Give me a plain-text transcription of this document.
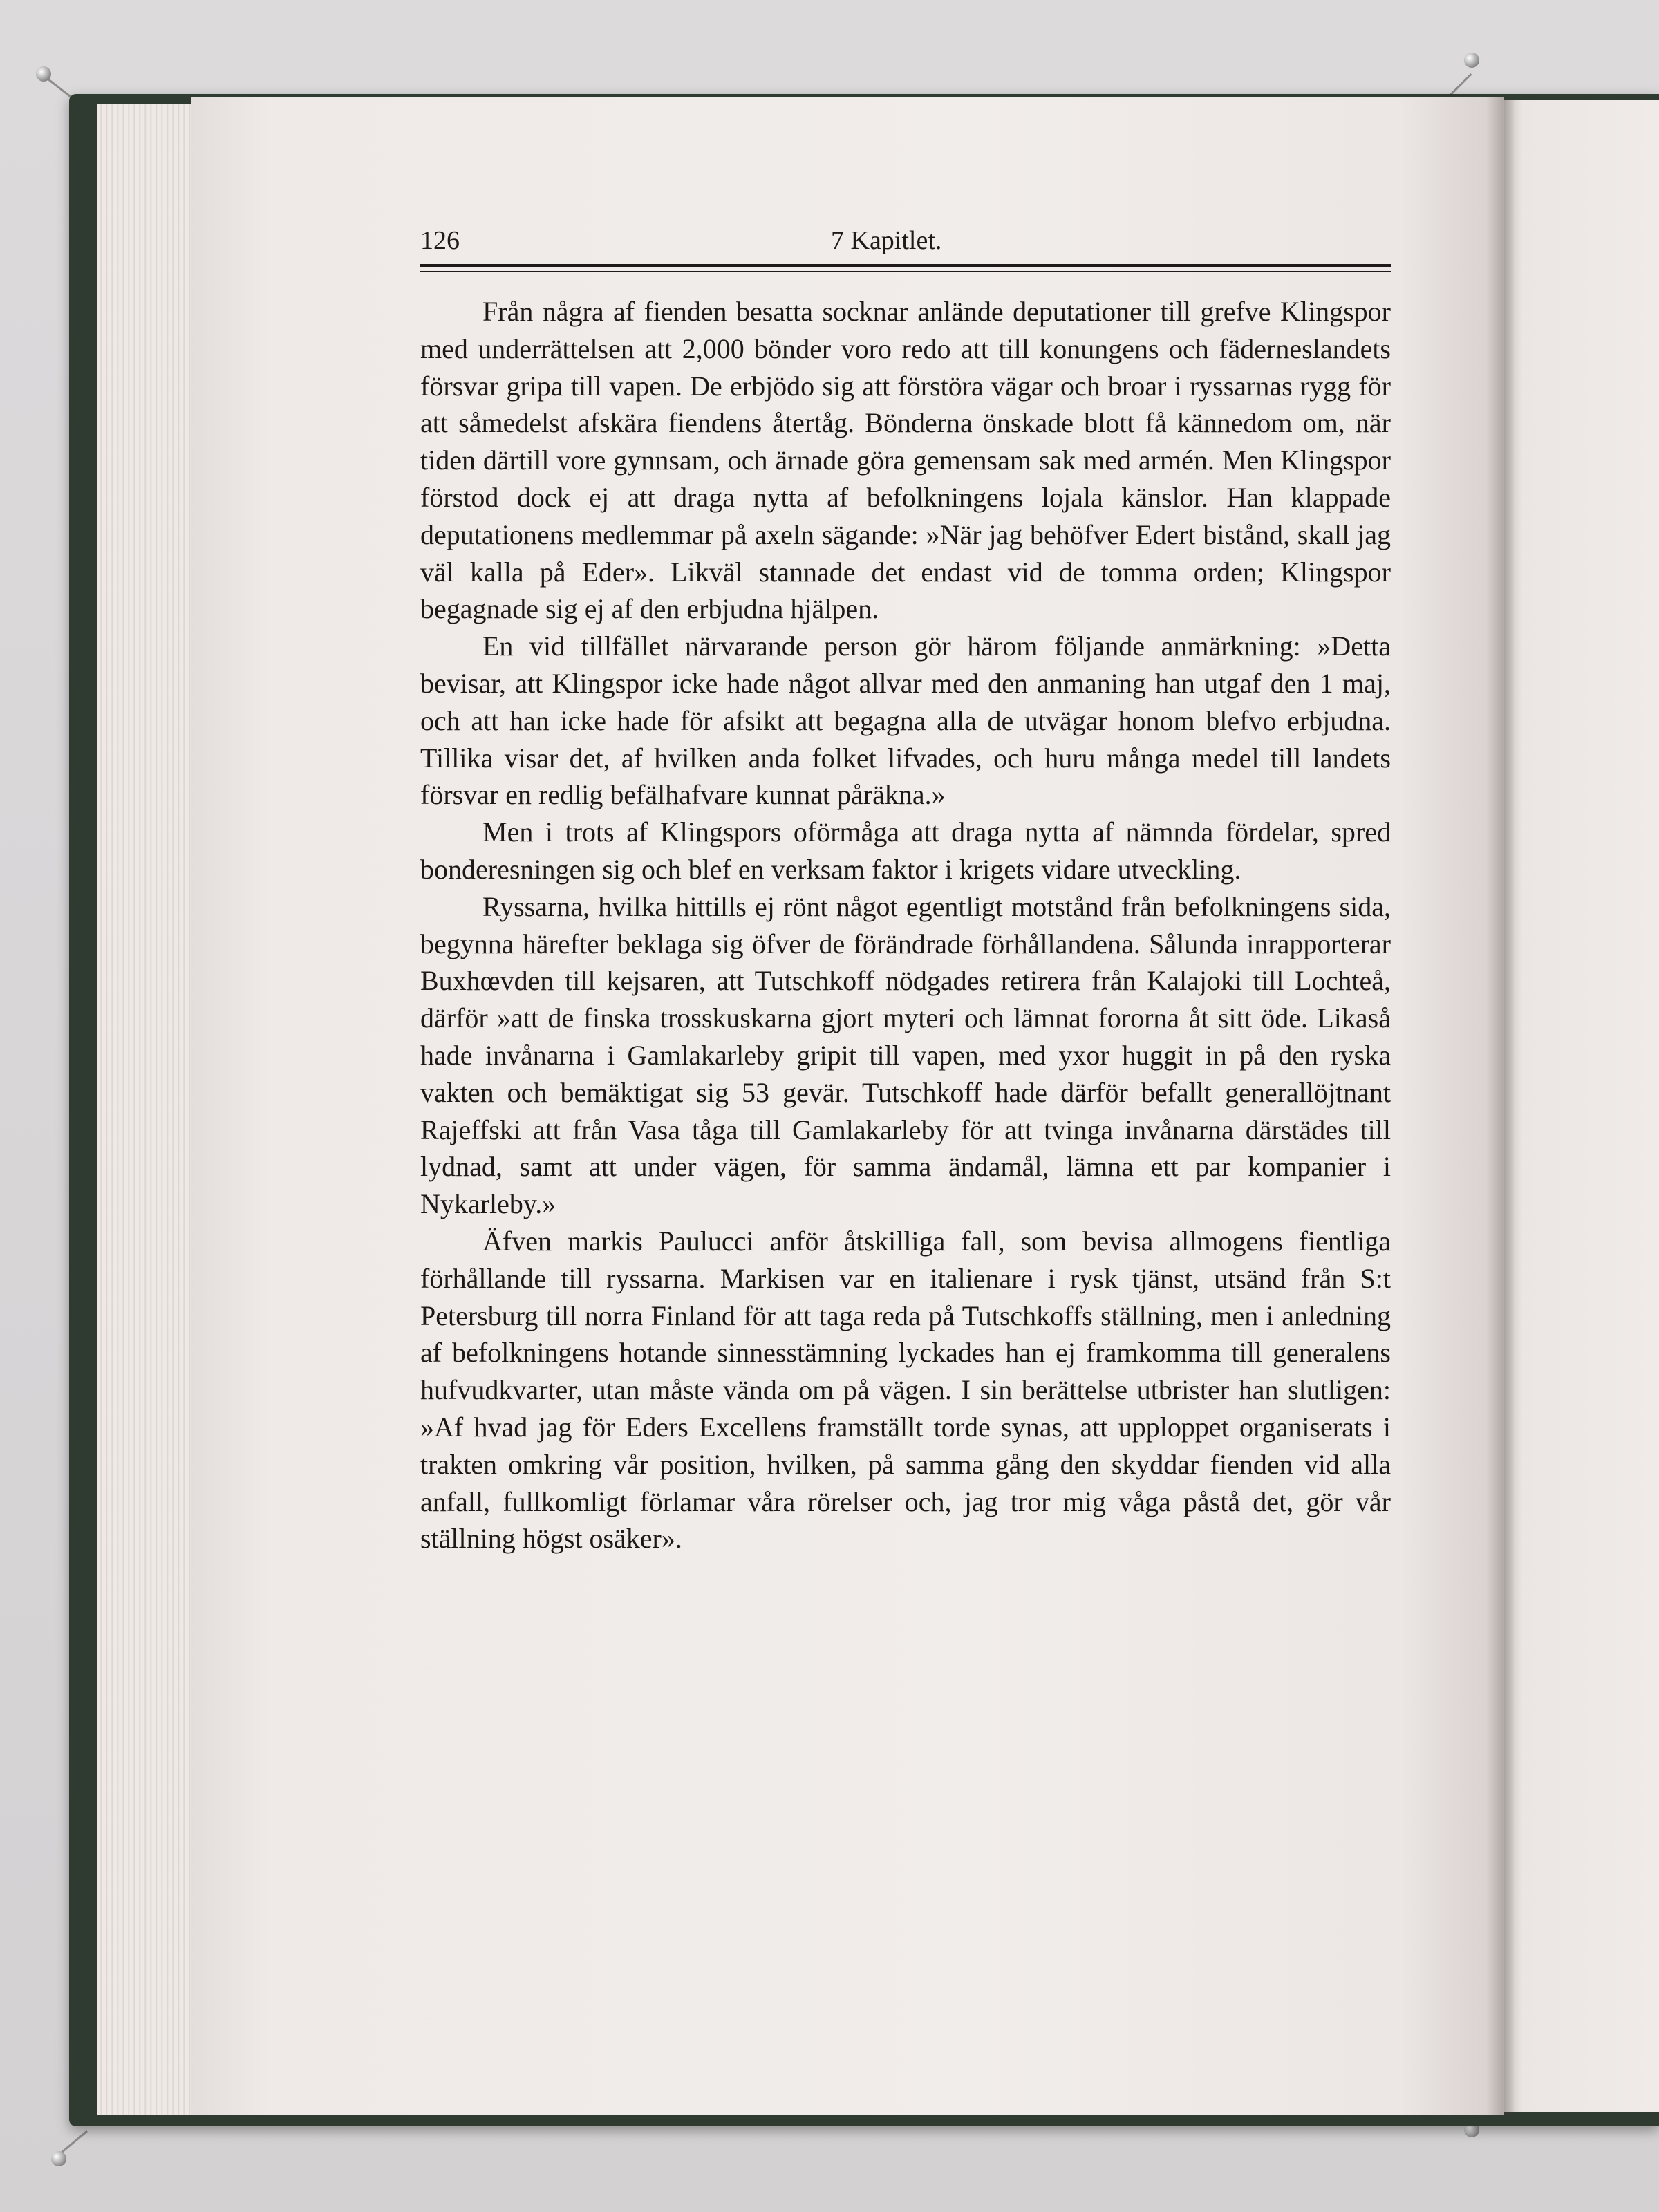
126	7 Kapitlet.

Från några af fienden besatta socknar anlände deputationer till grefve Klingspor med underrättelsen att 2,000 bönder voro redo att till konungens och fäderneslandets försvar gripa till vapen. De erbjödo sig att förstöra vägar och broar i ryssarnas rygg för att såmedelst afskära fiendens återtåg. Bönderna önskade blott få kännedom om, när tiden därtill vore gynnsam, och ärnade göra gemensam sak med armén. Men Klingspor förstod dock ej att draga nytta af befolkningens lojala känslor. Han klappade deputationens medlemmar på axeln sägande: »När jag behöfver Edert bistånd, skall jag väl kalla på Eder». Likväl stannade det endast vid de tomma orden; Klingspor begagnade sig ej af den erbjudna hjälpen.

En vid tillfället närvarande person gör härom följande anmärkning: »Detta bevisar, att Klingspor icke hade något allvar med den anmaning han utgaf den 1 maj, och att han icke hade för afsikt att begagna alla de utvägar honom blefvo erbjudna. Tillika visar det, af hvilken anda folket lifvades, och huru många medel till landets försvar en redlig befälhafvare kunnat påräkna.»

Men i trots af Klingspors oförmåga att draga nytta af nämnda fördelar, spred bonderesningen sig och blef en verksam faktor i krigets vidare utveckling.

Ryssarna, hvilka hittills ej rönt något egentligt motstånd från befolkningens sida, begynna härefter beklaga sig öfver de förändrade förhållandena. Sålunda inrapporterar Buxhœvden till kejsaren, att Tutschkoff nödgades retirera från Kalajoki till Lochteå, därför »att de finska trosskuskarna gjort myteri och lämnat fororna åt sitt öde. Likaså hade invånarna i Gamlakarleby gripit till vapen, med yxor huggit in på den ryska vakten och bemäktigat sig 53 gevär. Tutschkoff hade därför befallt generallöjtnant Rajeffski att från Vasa tåga till Gamlakarleby för att tvinga invånarna därstädes till lydnad, samt att under vägen, för samma ändamål, lämna ett par kompanier i Nykarleby.»

Äfven markis Paulucci anför åtskilliga fall, som bevisa allmogens fientliga förhållande till ryssarna. Markisen var en italienare i rysk tjänst, utsänd från S:t Petersburg till norra Finland för att taga reda på Tutschkoffs ställning, men i anledning af befolkningens hotande sinnesstämning lyckades han ej framkomma till generalens hufvudkvarter, utan måste vända om på vägen. I sin berättelse utbrister han slutligen: »Af hvad jag för Eders Excellens framställt torde synas, att upploppet organiserats i trakten omkring vår position, hvilken, på samma gång den skyddar fienden vid alla anfall, fullkomligt förlamar våra rörelser och, jag tror mig våga påstå det, gör vår ställning högst osäker».
